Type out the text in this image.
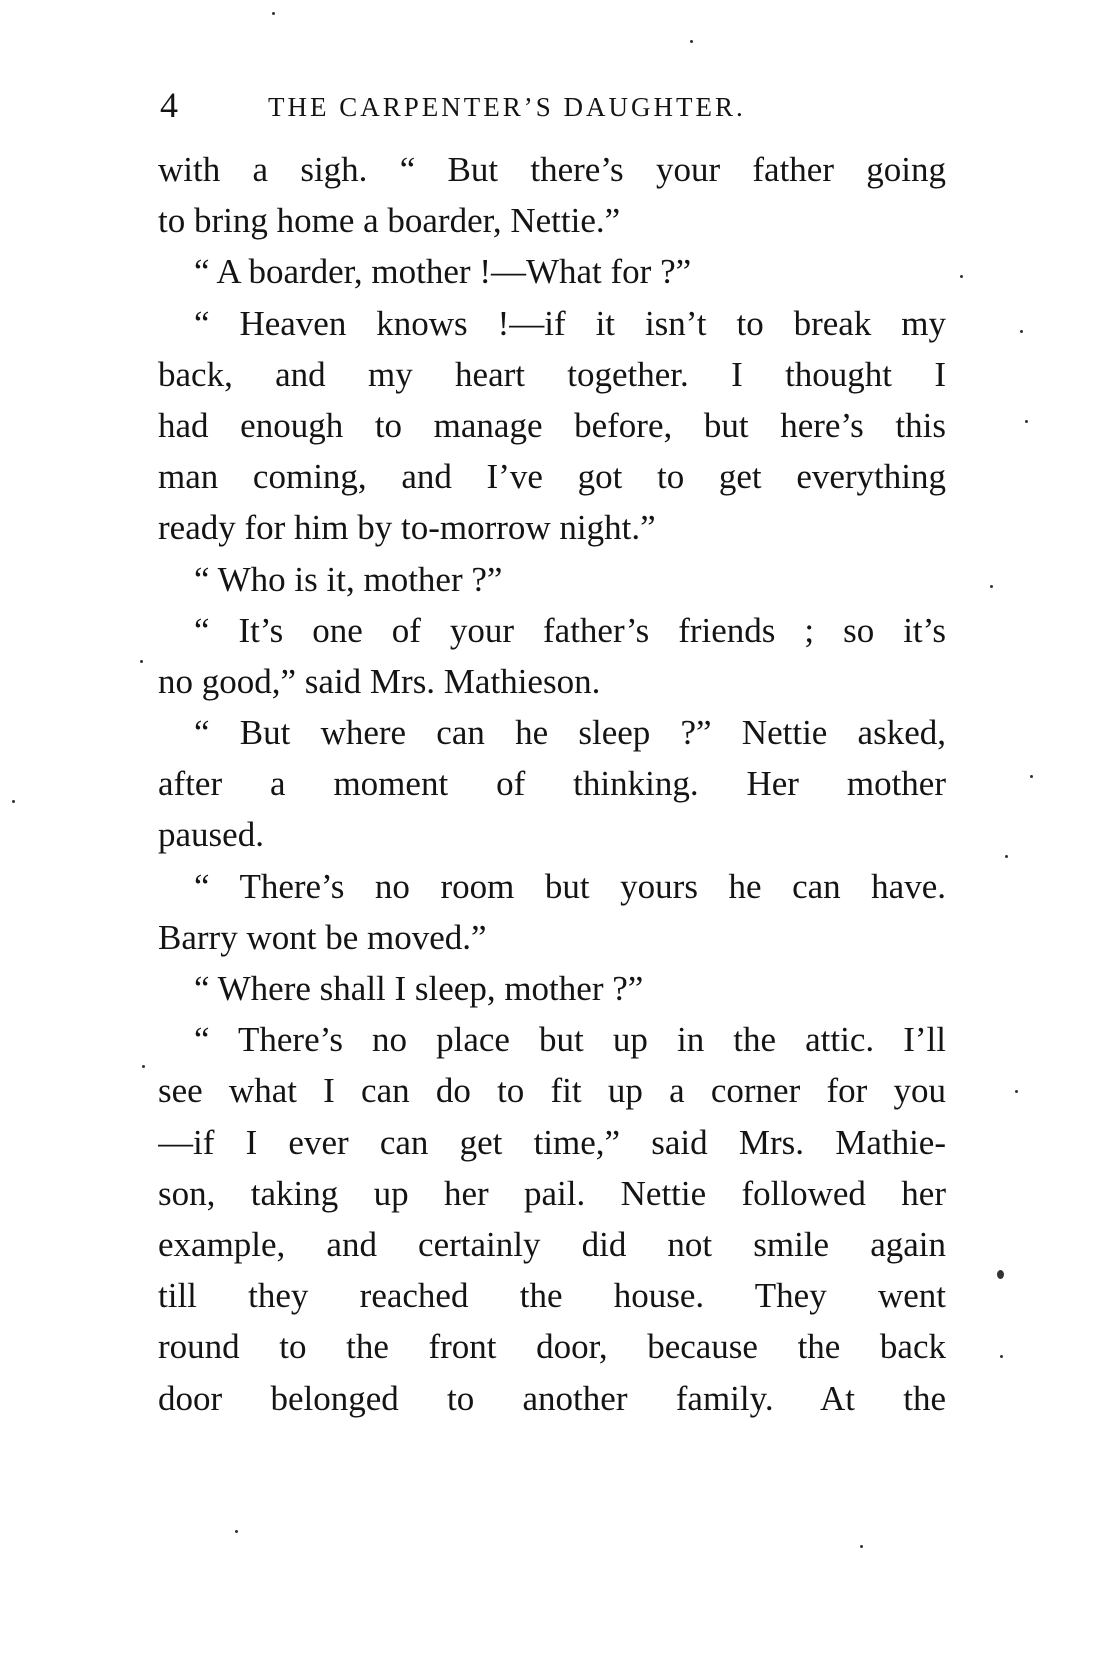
4	THE CARPENTER’S DAUGHTER.
with a sigh. “ But there’s your father going
to bring home a boarder, Nettie.”
“ A boarder, mother !—What for ?”
“ Heaven knows !—if it isn’t to break my
back, and my heart together. I thought I
had enough to manage before, but here’s this
man coming, and I’ve got to get everything
ready for him by to-morrow night.”
“ Who is it, mother ?”
“ It’s one of your father’s friends ; so it’s
no good,” said Mrs. Mathieson.
“ But where can he sleep ?” Nettie asked,
after a moment of thinking. Her mother
paused.
“ There’s no room but yours he can have.
Barry wont be moved.”
“ Where shall I sleep, mother ?”
“ There’s no place but up in the attic. I’ll
see what I can do to fit up a corner for you
—if I ever can get time,” said Mrs. Mathie-
son, taking up her pail. Nettie followed her
example, and certainly did not smile again
till they reached the house. They went
round to the front door, because the back
door belonged to another family. At the
